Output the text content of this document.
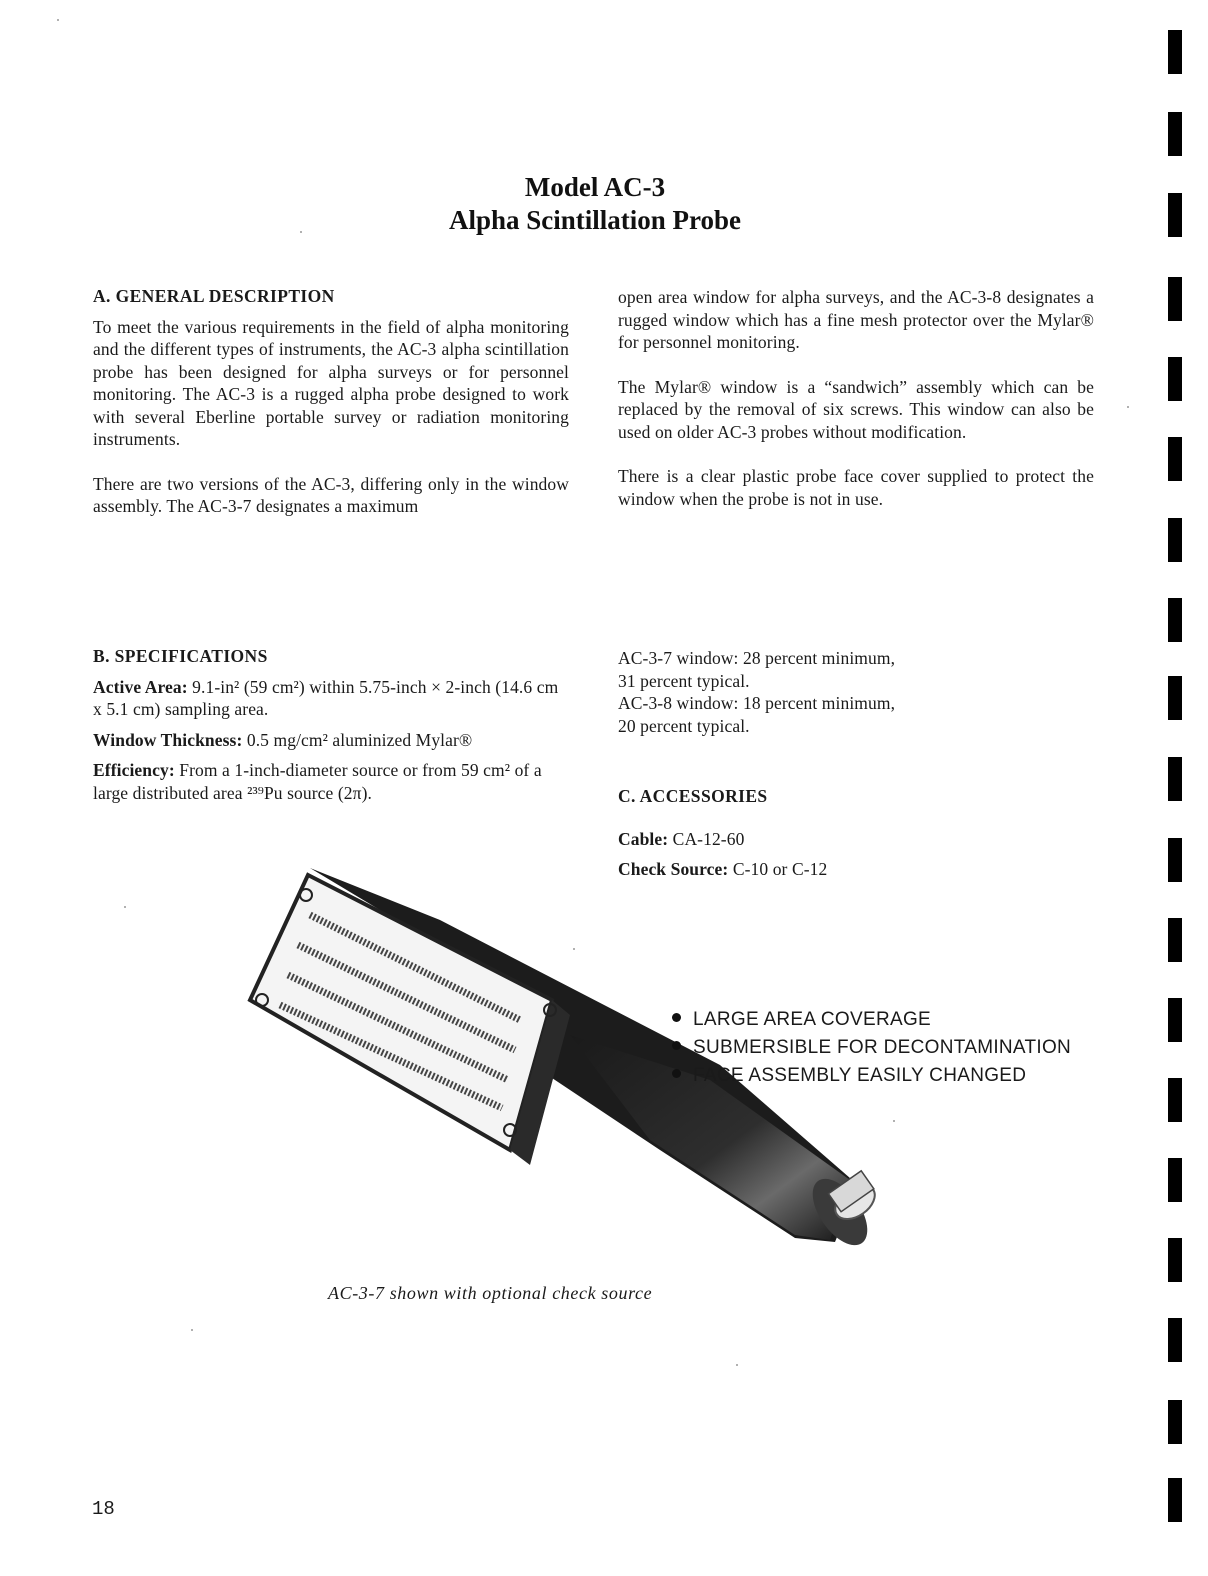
Model AC-3
Alpha Scintillation Probe
A. GENERAL DESCRIPTION

To meet the various requirements in the field of alpha monitoring and the different types of instruments, the AC-3 alpha scintillation probe has been designed for alpha surveys or for personnel monitoring. The AC-3 is a rugged alpha probe designed to work with several Eberline portable survey or radiation monitoring instruments.

There are two versions of the AC-3, differing only in the window assembly. The AC-3-7 designates a maximum

open area window for alpha surveys, and the AC-3-8 designates a rugged window which has a fine mesh protector over the Mylar® for personnel monitoring.

The Mylar® window is a “sandwich” assembly which can be replaced by the removal of six screws. This window can also be used on older AC-3 probes without modification.

There is a clear plastic probe face cover supplied to protect the window when the probe is not in use.

B. SPECIFICATIONS

Active Area: 9.1-in² (59 cm²) within 5.75-inch × 2-inch (14.6 cm x 5.1 cm) sampling area.

Window Thickness: 0.5 mg/cm² aluminized Mylar®

Efficiency: From a 1-inch-diameter source or from 59 cm² of a large distributed area ²³⁹Pu source (2π).

AC-3-7 window: 28 percent minimum,
31 percent typical.
AC-3-8 window: 18 percent minimum,
20 percent typical.
C. ACCESSORIES

Cable: CA-12-60

Check Source: C-10 or C-12

LARGE AREA COVERAGE
SUBMERSIBLE FOR DECONTAMINATION
FACE ASSEMBLY EASILY CHANGED
AC-3-7 shown with optional check source
18
